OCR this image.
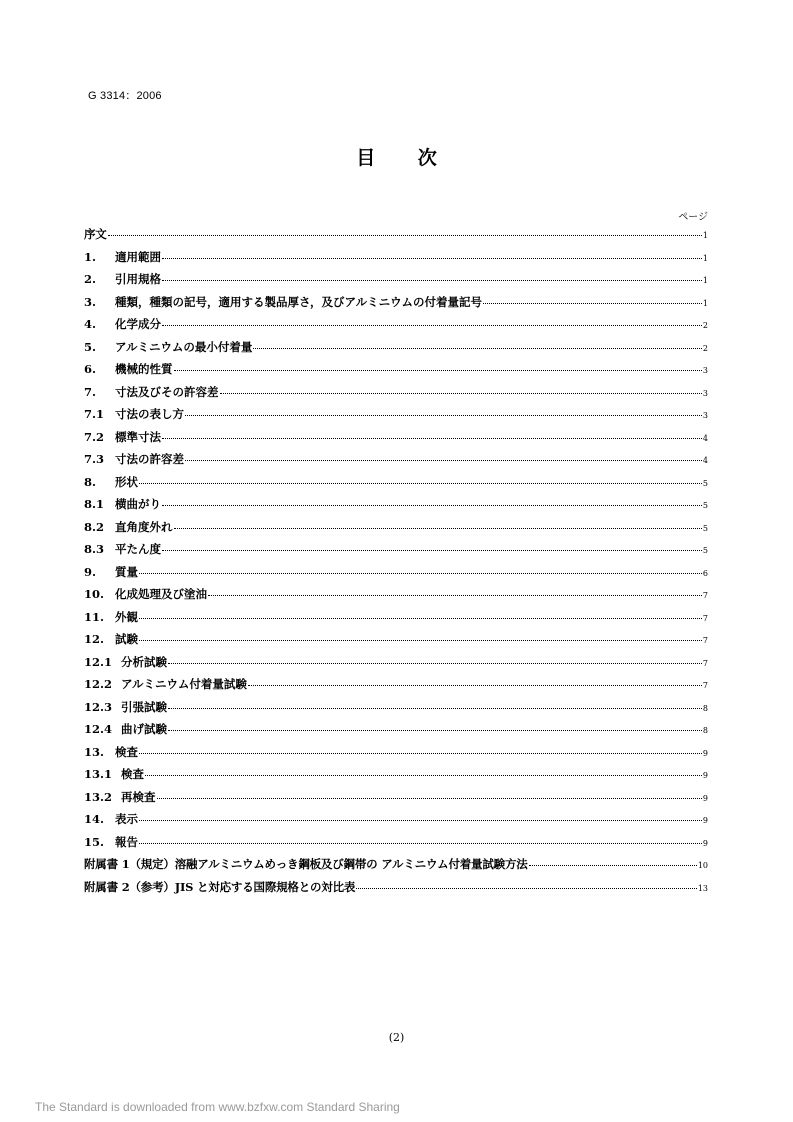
G 3314：2006
目 次
ページ
序文	1
1.	適用範囲	1
2.	引用規格	1
3.	種類，種類の記号，適用する製品厚さ，及びアルミニウムの付着量記号	1
4.	化学成分	2
5.	アルミニウムの最小付着量	2
6.	機械的性質	3
7.	寸法及びその許容差	3
7.1 寸法の表し方	3
7.2 標準寸法	4
7.3 寸法の許容差	4
8.	形状	5
8.1 横曲がり	5
8.2 直角度外れ	5
8.3 平たん度	5
9.	質量	6
10. 化成処理及び塗油	7
11. 外観	7
12. 試験	7
12.1 分析試験	7
12.2 アルミニウム付着量試験	7
12.3 引張試験	8
12.4 曲げ試験	8
13. 検査	9
13.1 検査	9
13.2 再検査	9
14. 表示	9
15. 報告	9
附属書 1（規定）溶融アルミニウムめっき鋼板及び鋼帯の アルミニウム付着量試験方法	10
附属書 2（参考）JIS と対応する国際規格との対比表	13
(2)
The Standard is downloaded from www.bzfxw.com Standard Sharing
